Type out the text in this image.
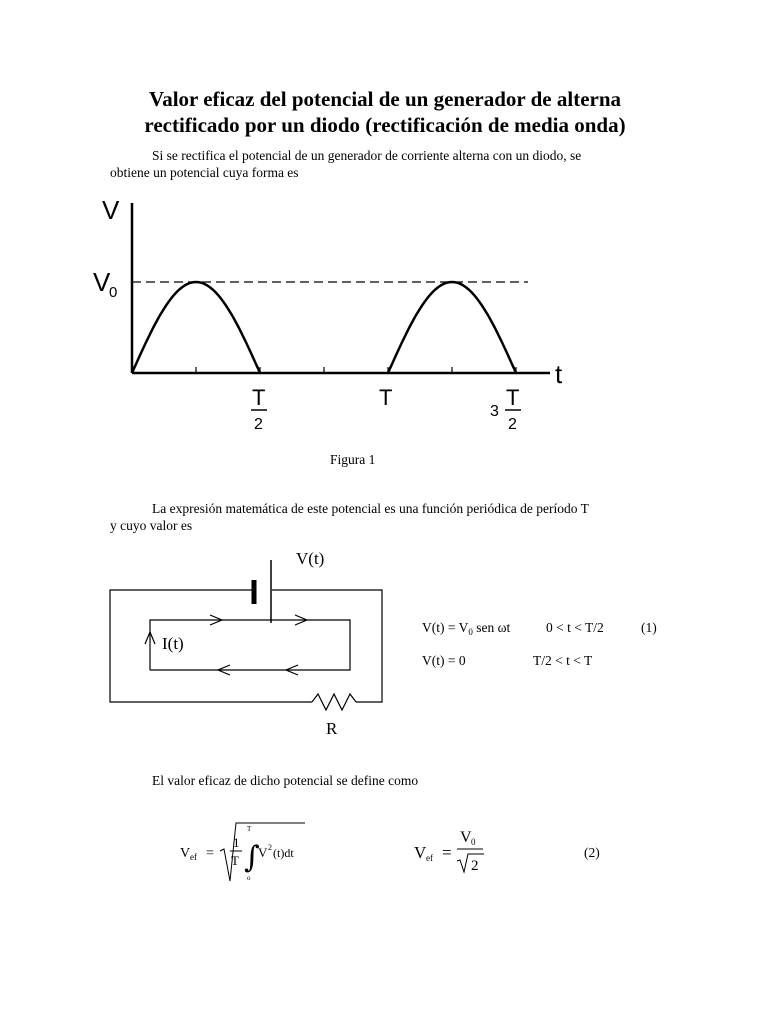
Valor eficaz del potencial de un generador de alterna
rectificado por un diodo (rectificación de media onda)
Si se rectifica el potencial de un generador de corriente alterna con un diodo, se
obtiene un potencial cuya forma es
V
V
0
t
T
2
T
3
T
2
Figura 1
La expresión matemática de este potencial es una función periódica de período T
y cuyo valor es
V(t)
I(t)
R
$V(t) = V_0$ sen ωt	0 < t < T/2	(1)
V(t) = 0	T/2 < t < T
El valor eficaz de dicho potencial se define como
V ef =
1
T ∫
T
o
V 2 (t)dt	V ef =
V 0
2
(2)
